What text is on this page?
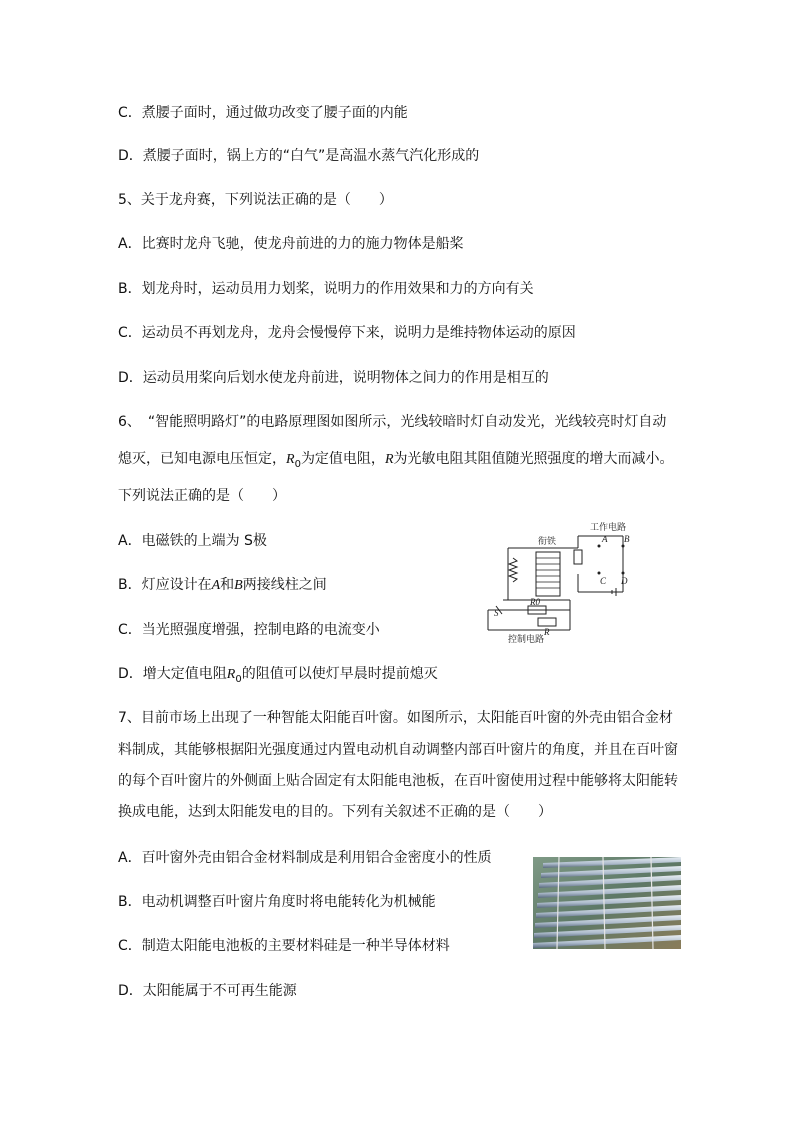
C．煮腰子面时，通过做功改变了腰子面的内能
D．煮腰子面时，锅上方的“白气”是高温水蒸气汽化形成的
5、关于龙舟赛，下列说法正确的是（　　）
A．比赛时龙舟飞驰，使龙舟前进的力的施力物体是船桨
B．划龙舟时，运动员用力划桨，说明力的作用效果和力的方向有关
C．运动员不再划龙舟，龙舟会慢慢停下来，说明力是维持物体运动的原因
D．运动员用桨向后划水使龙舟前进，说明物体之间力的作用是相互的
6、　“智能照明路灯”的电路原理图如图所示，光线较暗时灯自动发光，光线较亮时灯自动
熄灭，已知电源电压恒定，$R_0$为定值电阻，R为光敏电阻其阻值随光照强度的增大而减小。
下列说法正确的是（　　）
A．电磁铁的上端为 S极
B．灯应设计在A和B两接线柱之间
C．当光照强度增强，控制电路的电流变小
D．增大定值电阻$R_0$的阻值可以使灯早晨时提前熄灭
工作电路
衔铁
控制电路
A B
C D
S
R0
R
7、目前市场上出现了一种智能太阳能百叶窗。如图所示，太阳能百叶窗的外壳由铝合金材
料制成，其能够根据阳光强度通过内置电动机自动调整内部百叶窗片的角度，并且在百叶窗
的每个百叶窗片的外侧面上贴合固定有太阳能电池板，在百叶窗使用过程中能够将太阳能转
换成电能，达到太阳能发电的目的。下列有关叙述不正确的是（　　）
A．百叶窗外壳由铝合金材料制成是利用铝合金密度小的性质
B．电动机调整百叶窗片角度时将电能转化为机械能
C．制造太阳能电池板的主要材料硅是一种半导体材料
D．太阳能属于不可再生能源
